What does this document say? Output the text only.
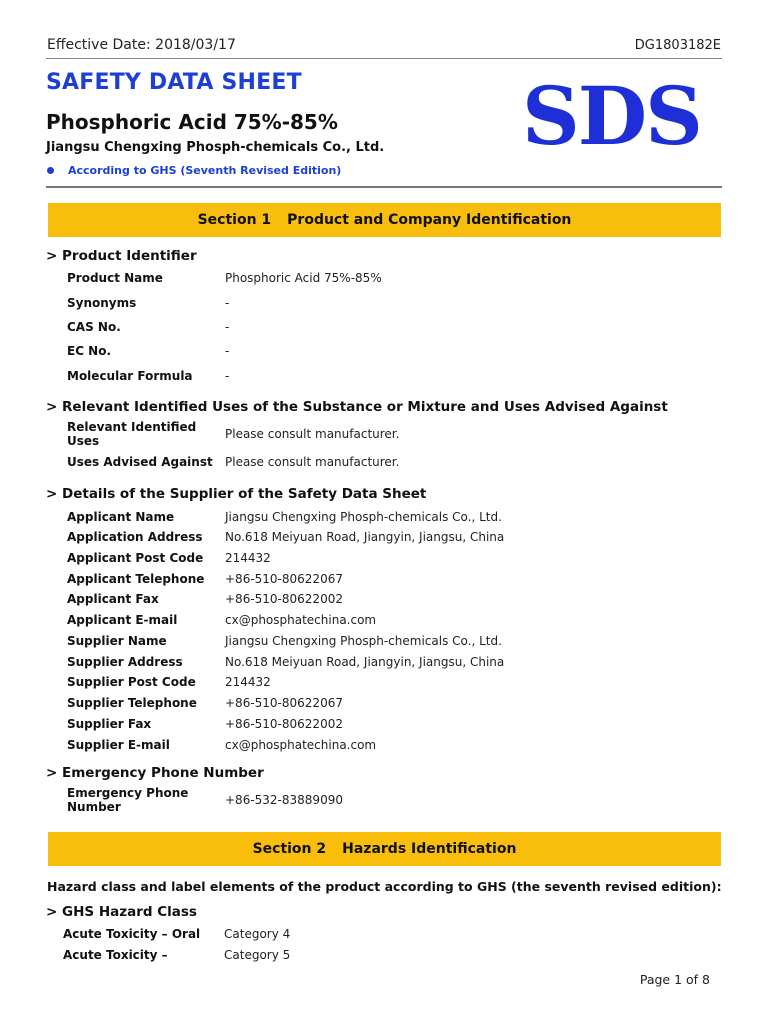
Effective Date: 2018/03/17	DG1803182E
SAFETY DATA SHEET
Phosphoric Acid 75%-85%
Jiangsu Chengxing Phosph-chemicals Co., Ltd.
According to GHS (Seventh Revised Edition)
SDS
Section 1 Product and Company Identification
> Product Identifier
Product Name	Phosphoric Acid 75%-85%
Synonyms	-
CAS No.	-
EC No.	-
Molecular Formula	-
> Relevant Identified Uses of the Substance or Mixture and Uses Advised Against
Relevant Identified Uses	Please consult manufacturer.
Uses Advised Against	Please consult manufacturer.
> Details of the Supplier of the Safety Data Sheet
Applicant Name	Jiangsu Chengxing Phosph-chemicals Co., Ltd.
Application Address	No.618 Meiyuan Road, Jiangyin, Jiangsu, China
Applicant Post Code	214432
Applicant Telephone	+86-510-80622067
Applicant Fax	+86-510-80622002
Applicant E-mail	cx@phosphatechina.com
Supplier Name	Jiangsu Chengxing Phosph-chemicals Co., Ltd.
Supplier Address	No.618 Meiyuan Road, Jiangyin, Jiangsu, China
Supplier Post Code	214432
Supplier Telephone	+86-510-80622067
Supplier Fax	+86-510-80622002
Supplier E-mail	cx@phosphatechina.com
> Emergency Phone Number
Emergency Phone Number	+86-532-83889090
Section 2 Hazards Identification
Hazard class and label elements of the product according to GHS (the seventh revised edition):
> GHS Hazard Class
Acute Toxicity – Oral Category 4
Acute Toxicity –	Category 5
Page 1 of 8
